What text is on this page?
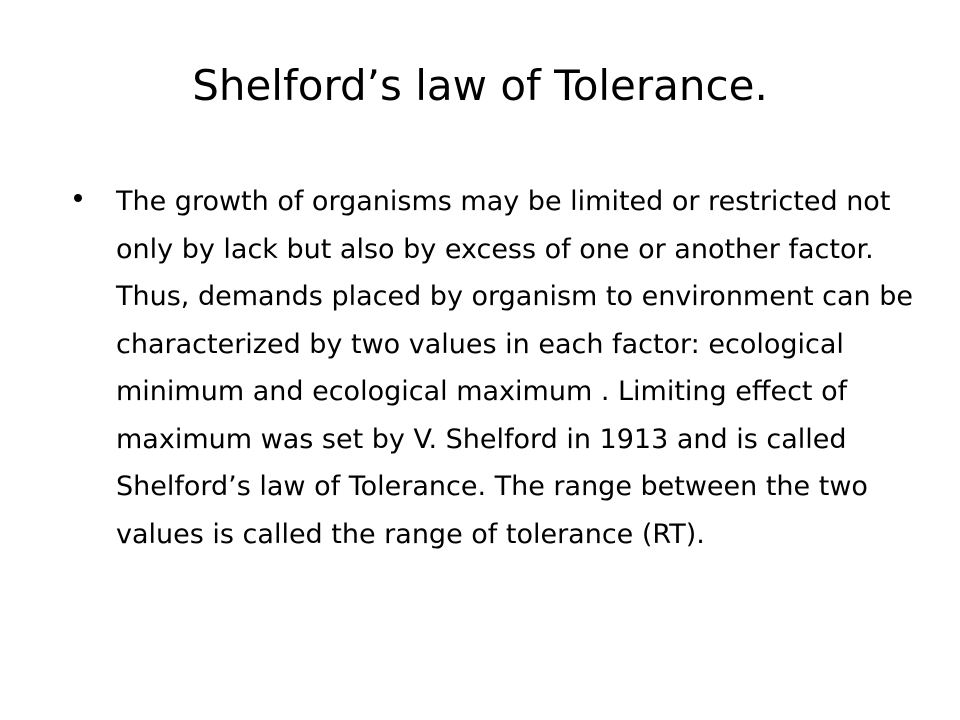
Shelford’s law of Tolerance.
The growth of organisms may be limited or restricted not only by lack but also by excess of one or another factor. Thus, demands placed by organism to environment can be characterized by two values in each factor: ecological minimum and ecological maximum . Limiting effect of maximum was set by V. Shelford in 1913 and is called Shelford’s law of Tolerance. The range between the two values is called the range of tolerance (RT).
